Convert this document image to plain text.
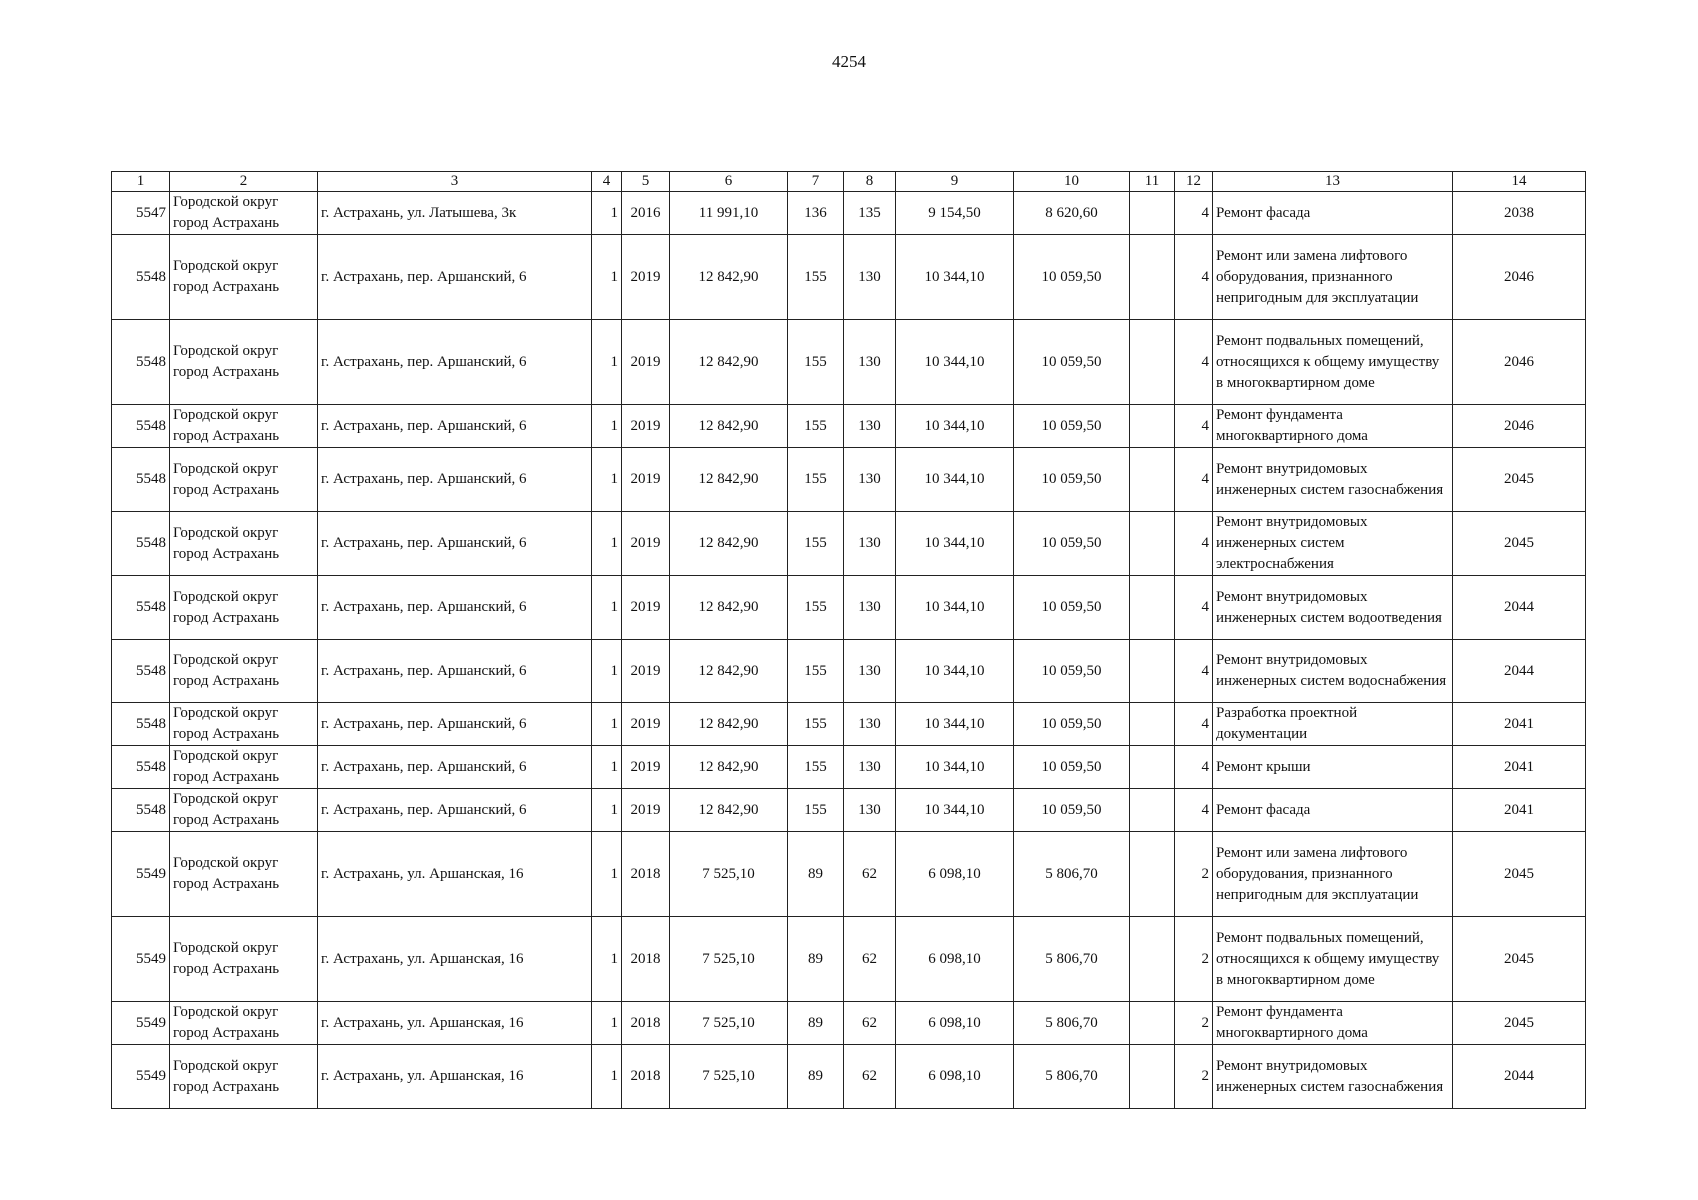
4254
1	2	3	4	5	6	7	8	9	10	11	12	13	14
5547	Городской округ город Астрахань	г. Астрахань, ул. Латышева, 3к	1	2016	11 991,10	136	135	9 154,50	8 620,60		4	Ремонт фасада	2038
5548	Городской округ город Астрахань	г. Астрахань, пер. Аршанский, 6	1	2019	12 842,90	155	130	10 344,10	10 059,50		4	Ремонт или замена лифтового оборудования, признанного непригодным для эксплуатации	2046
5548	Городской округ город Астрахань	г. Астрахань, пер. Аршанский, 6	1	2019	12 842,90	155	130	10 344,10	10 059,50		4	Ремонт подвальных помещений, относящихся к общему имуществу в многоквартирном доме	2046
5548	Городской округ город Астрахань	г. Астрахань, пер. Аршанский, 6	1	2019	12 842,90	155	130	10 344,10	10 059,50		4	Ремонт фундамента многоквартирного дома	2046
5548	Городской округ город Астрахань	г. Астрахань, пер. Аршанский, 6	1	2019	12 842,90	155	130	10 344,10	10 059,50		4	Ремонт внутридомовых инженерных систем газоснабжения	2045
5548	Городской округ город Астрахань	г. Астрахань, пер. Аршанский, 6	1	2019	12 842,90	155	130	10 344,10	10 059,50		4	Ремонт внутридомовых инженерных систем электроснабжения	2045
5548	Городской округ город Астрахань	г. Астрахань, пер. Аршанский, 6	1	2019	12 842,90	155	130	10 344,10	10 059,50		4	Ремонт внутридомовых инженерных систем водоотведения	2044
5548	Городской округ город Астрахань	г. Астрахань, пер. Аршанский, 6	1	2019	12 842,90	155	130	10 344,10	10 059,50		4	Ремонт внутридомовых инженерных систем водоснабжения	2044
5548	Городской округ город Астрахань	г. Астрахань, пер. Аршанский, 6	1	2019	12 842,90	155	130	10 344,10	10 059,50		4	Разработка проектной документации	2041
5548	Городской округ город Астрахань	г. Астрахань, пер. Аршанский, 6	1	2019	12 842,90	155	130	10 344,10	10 059,50		4	Ремонт крыши	2041
5548	Городской округ город Астрахань	г. Астрахань, пер. Аршанский, 6	1	2019	12 842,90	155	130	10 344,10	10 059,50		4	Ремонт фасада	2041
5549	Городской округ город Астрахань	г. Астрахань, ул. Аршанская, 16	1	2018	7 525,10	89	62	6 098,10	5 806,70		2	Ремонт или замена лифтового оборудования, признанного непригодным для эксплуатации	2045
5549	Городской округ город Астрахань	г. Астрахань, ул. Аршанская, 16	1	2018	7 525,10	89	62	6 098,10	5 806,70		2	Ремонт подвальных помещений, относящихся к общему имуществу в многоквартирном доме	2045
5549	Городской округ город Астрахань	г. Астрахань, ул. Аршанская, 16	1	2018	7 525,10	89	62	6 098,10	5 806,70		2	Ремонт фундамента многоквартирного дома	2045
5549	Городской округ город Астрахань	г. Астрахань, ул. Аршанская, 16	1	2018	7 525,10	89	62	6 098,10	5 806,70		2	Ремонт внутридомовых инженерных систем газоснабжения	2044
